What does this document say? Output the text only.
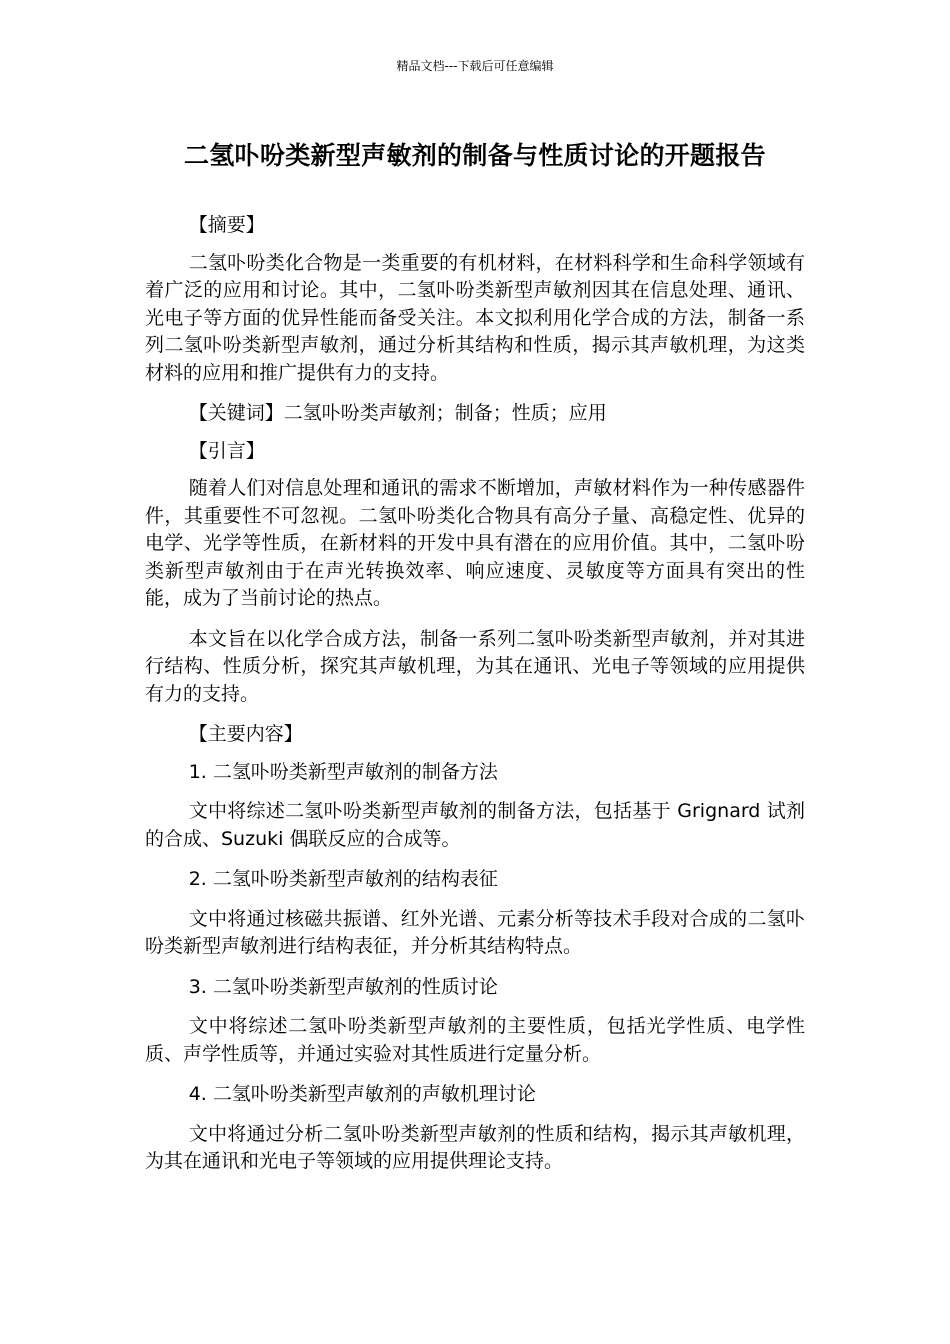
精品文档---下载后可任意编辑
二氢卟吩类新型声敏剂的制备与性质讨论的开题报告

【摘要】

二氢卟吩类化合物是一类重要的有机材料，在材料科学和生命科学领域有着广泛的应用和讨论。其中，二氢卟吩类新型声敏剂因其在信息处理、通讯、光电子等方面的优异性能而备受关注。本文拟利用化学合成的方法，制备一系列二氢卟吩类新型声敏剂，通过分析其结构和性质，揭示其声敏机理，为这类材料的应用和推广提供有力的支持。

【关键词】二氢卟吩类声敏剂；制备；性质；应用

【引言】

随着人们对信息处理和通讯的需求不断增加，声敏材料作为一种传感器件件，其重要性不可忽视。二氢卟吩类化合物具有高分子量、高稳定性、优异的电学、光学等性质，在新材料的开发中具有潜在的应用价值。其中，二氢卟吩类新型声敏剂由于在声光转换效率、响应速度、灵敏度等方面具有突出的性能，成为了当前讨论的热点。

本文旨在以化学合成方法，制备一系列二氢卟吩类新型声敏剂，并对其进行结构、性质分析，探究其声敏机理，为其在通讯、光电子等领域的应用提供有力的支持。

【主要内容】

1. 二氢卟吩类新型声敏剂的制备方法

文中将综述二氢卟吩类新型声敏剂的制备方法，包括基于 Grignard 试剂的合成、Suzuki 偶联反应的合成等。

2. 二氢卟吩类新型声敏剂的结构表征

文中将通过核磁共振谱、红外光谱、元素分析等技术手段对合成的二氢卟吩类新型声敏剂进行结构表征，并分析其结构特点。

3. 二氢卟吩类新型声敏剂的性质讨论

文中将综述二氢卟吩类新型声敏剂的主要性质，包括光学性质、电学性质、声学性质等，并通过实验对其性质进行定量分析。

4. 二氢卟吩类新型声敏剂的声敏机理讨论

文中将通过分析二氢卟吩类新型声敏剂的性质和结构，揭示其声敏机理，为其在通讯和光电子等领域的应用提供理论支持。
